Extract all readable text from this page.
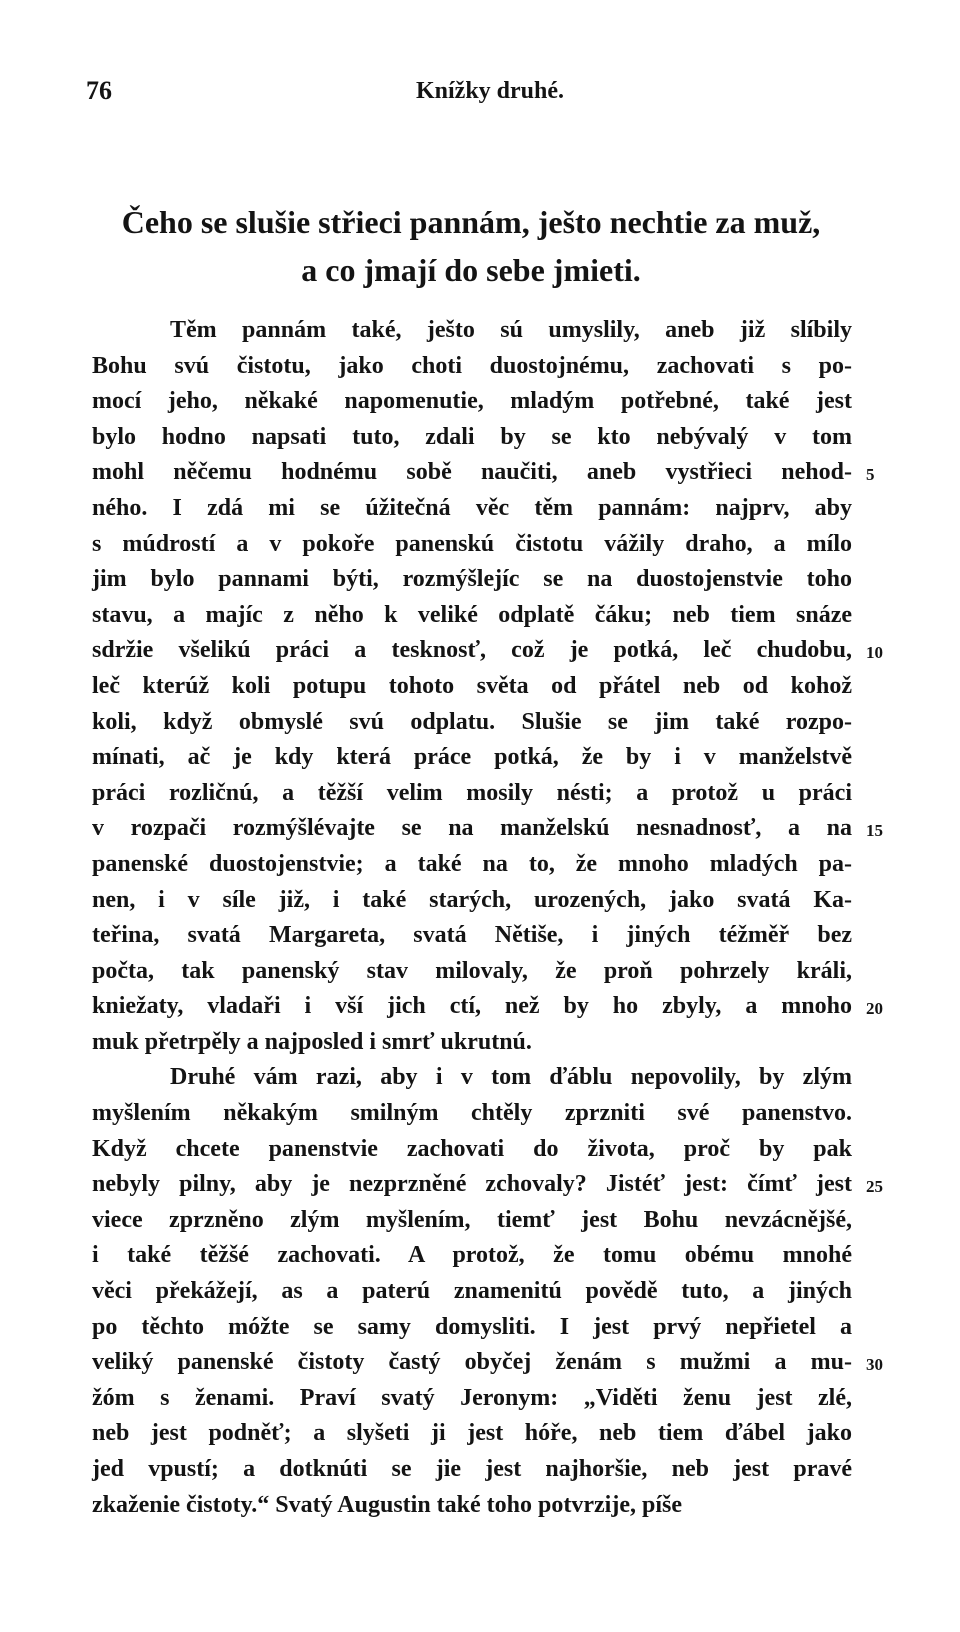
76	Knížky druhé.
Čeho se slušie střieci pannám, ješto nechtie za muž,
a co jmají do sebe jmieti.
Těm pannám také, ješto sú umyslily, aneb již slíbily
Bohu svú čistotu, jako choti duostojnému, zachovati s po-
mocí jeho, někaké napomenutie, mladým potřebné, také jest
bylo hodno napsati tuto, zdali by se kto nebývalý v tom
mohl něčemu hodnému sobě naučiti, aneb vystřieci nehod-
ného. I zdá mi se úžitečná věc těm pannám: najprv, aby
s múdrostí a v pokoře panenskú čistotu vážily draho, a mílo
jim bylo pannami býti, rozmýšlejíc se na duostojenstvie toho
stavu, a majíc z něho k veliké odplatě čáku; neb tiem snáze
sdržie všelikú práci a tesknosť, což je potká, leč chudobu,
leč kterúž koli potupu tohoto světa od přátel neb od kohož
koli, když obmyslé svú odplatu. Slušie se jim také rozpo-
mínati, ač je kdy která práce potká, že by i v manželstvě
práci rozličnú, a těžší velim mosily nésti; a protož u práci
v rozpači rozmýšlévajte se na manželskú nesnadnosť, a na
panenské duostojenstvie; a také na to, že mnoho mladých pa-
nen, i v síle již, i také starých, urozených, jako svatá Ka-
teřina, svatá Margareta, svatá Nětiše, i jiných téžměř bez
počta, tak panenský stav milovaly, že proň pohrzely králi,
kniežaty, vladaři i vší jich ctí, než by ho zbyly, a mnoho
muk přetrpěly a najposled i smrť ukrutnú.
Druhé vám razi, aby i v tom ďáblu nepovolily, by zlým
myšlením někakým smilným chtěly zprzniti své panenstvo.
Když chcete panenstvie zachovati do života, proč by pak
nebyly pilny, aby je nezprzněné zchovaly? Jistéť jest: čímť jest
viece zprzněno zlým myšlením, tiemť jest Bohu nevzácnějšé,
i také těžšé zachovati. A protož, že tomu obému mnohé
věci překážejí, as a paterú znamenitú povědě tuto, a jiných
po těchto móžte se samy domysliti. I jest prvý nepřietel a
veliký panenské čistoty častý obyčej ženám s mužmi a mu-
žóm s ženami. Praví svatý Jeronym: „Viděti ženu jest zlé,
neb jest podněť; a slyšeti ji jest hóře, neb tiem ďábel jako
jed vpustí; a dotknúti se jie jest najhoršie, neb jest pravé
zkaženie čistoty.“ Svatý Augustin také toho potvrzije, píše
5
10
15
20
25
30
